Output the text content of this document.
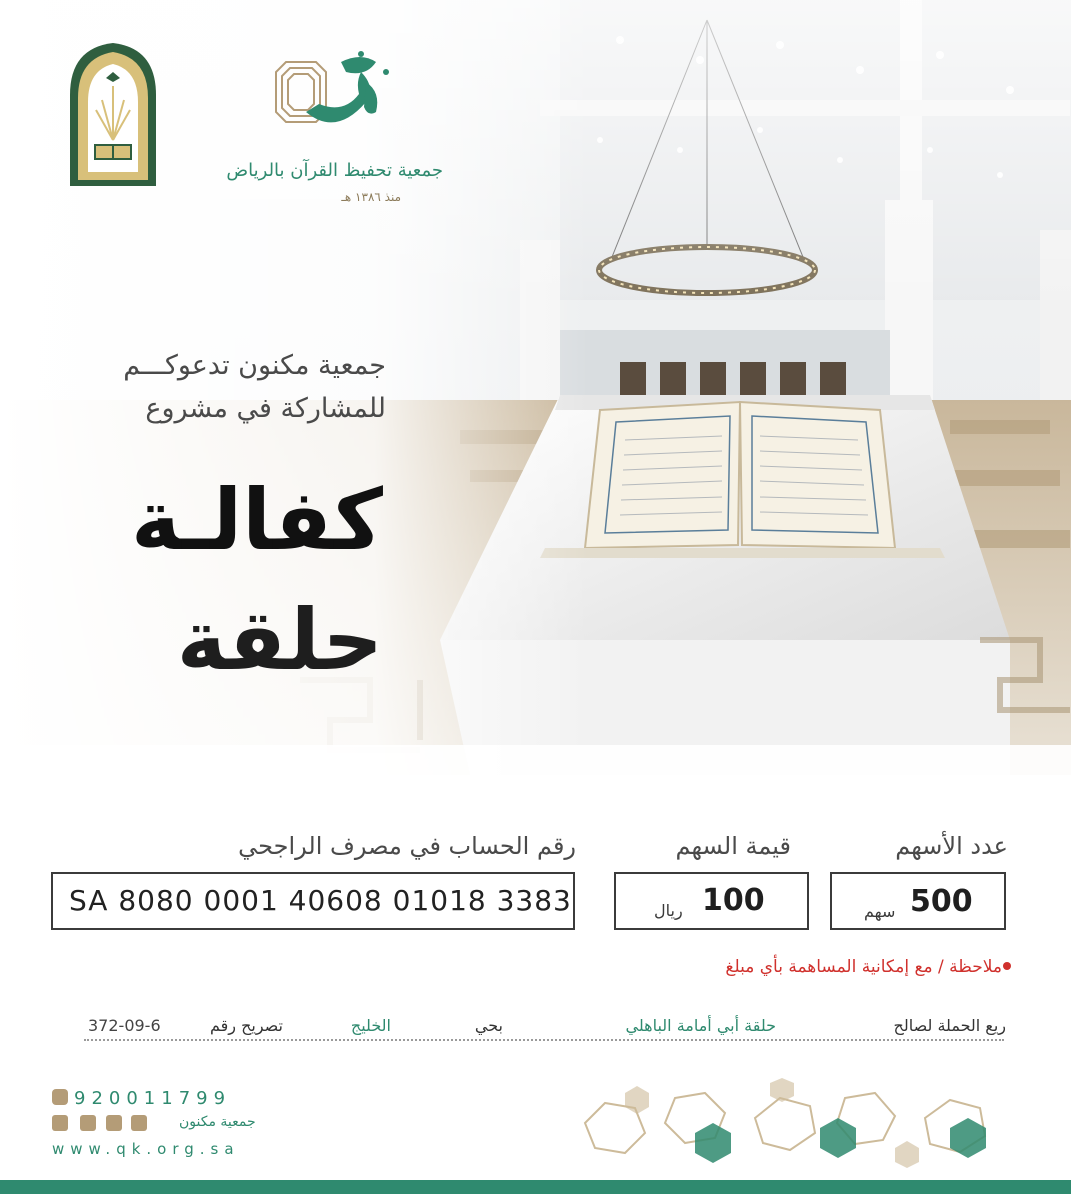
جمعية تحفيظ القرآن بالرياض
منذ ١٣٨٦ هـ
جمعية مكنون تدعوكـــم
للمشاركة في مشروع
كفالـة
حلقة
عدد الأسهم
قيمة السهم
رقم الحساب في مصرف الراجحي
500
سهم
100
ريال
SA 8080 0001 40608 01018 3383
ملاحظة / مع إمكانية المساهمة بأي مبلغ
ريع الحملة لصالح
حلقة أبي أمامة الباهلي
بحي
الخليج
تصريح رقم
372-09-6
920011799
جمعية مكنون
www.qk.org.sa
